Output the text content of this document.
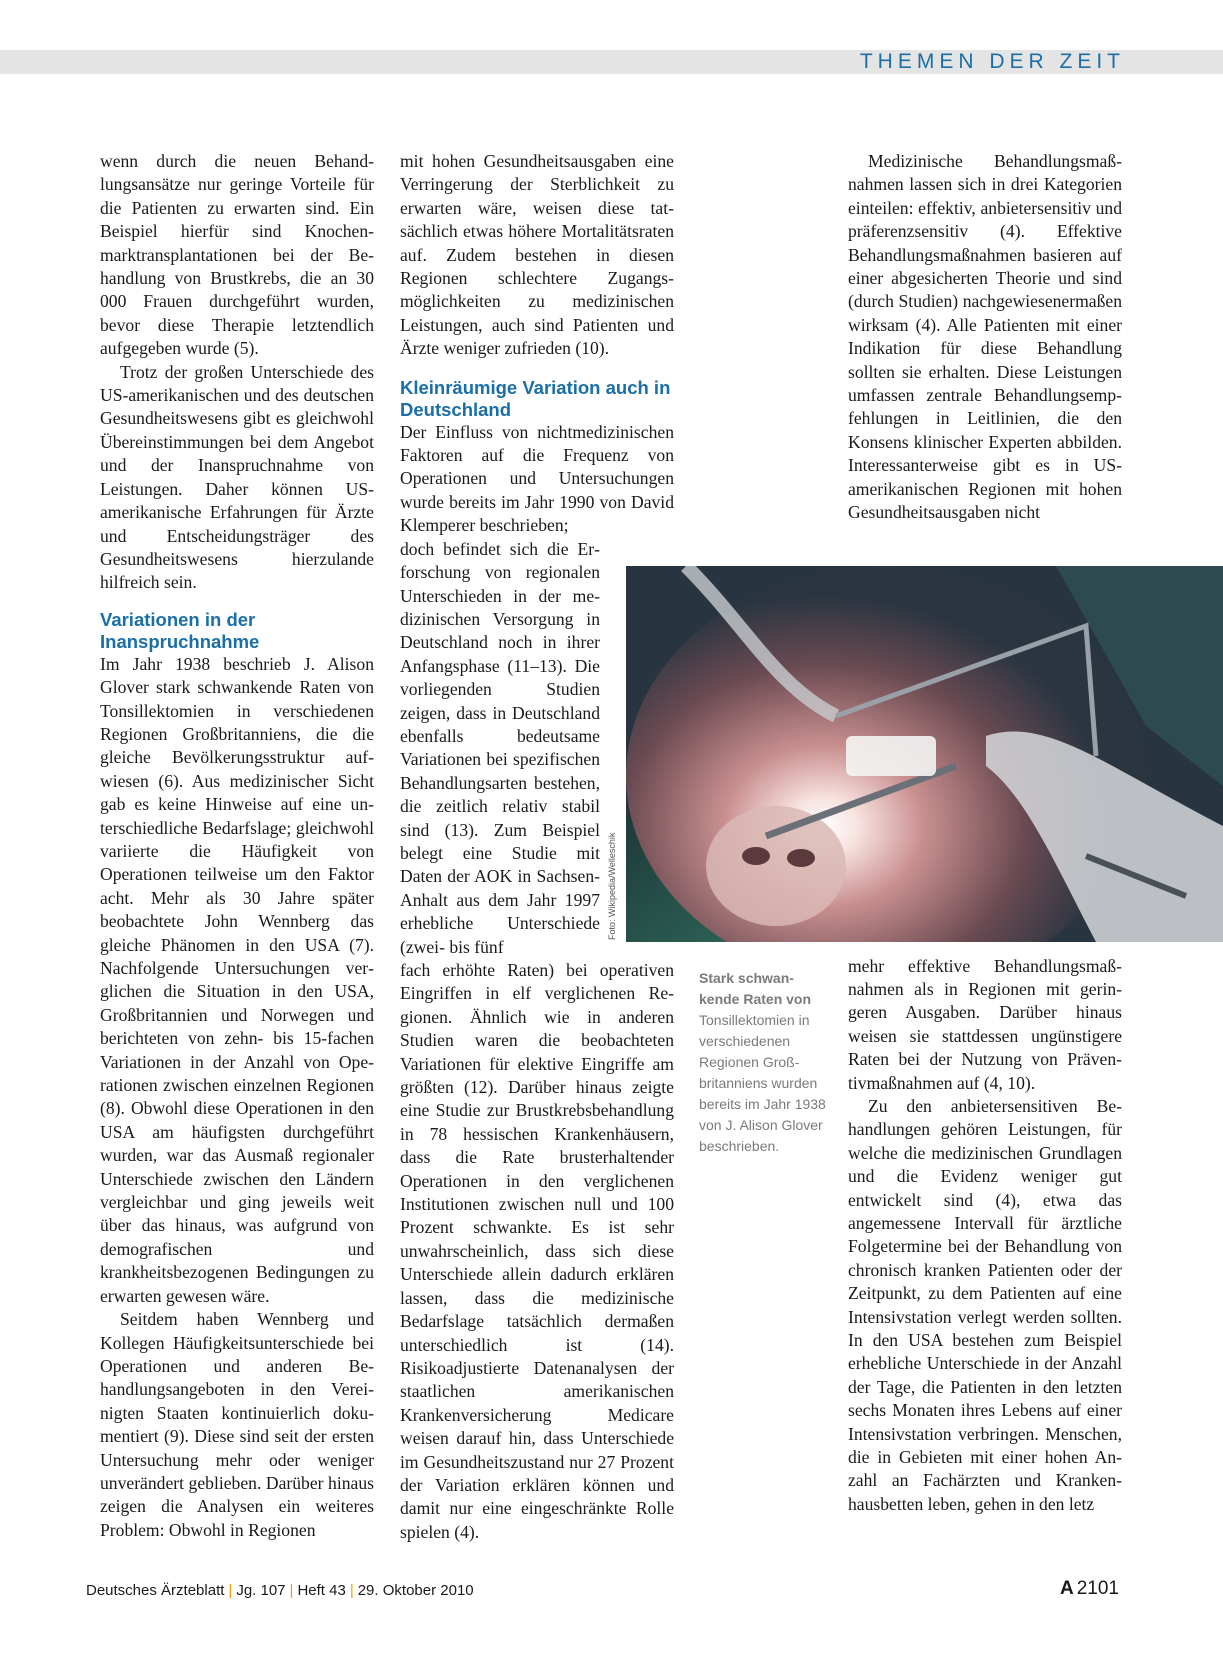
THEMEN DER ZEIT

wenn durch die neuen Behandlungsansätze nur geringe Vorteile für die Patienten zu erwarten sind. Ein Beispiel hierfür sind Knochenmarktransplantationen bei der Behandlung von Brustkrebs, die an 30 000 Frauen durchgeführt wurden, bevor diese Therapie letztendlich aufgegeben wurde (5).

Trotz der großen Unterschiede des US-amerikanischen und des deutschen Gesundheitswesens gibt es gleichwohl Übereinstimmungen bei dem Angebot und der Inanspruchnahme von Leistungen. Daher können US-amerikanische Erfahrungen für Ärzte und Entscheidungsträger des Gesundheitswesens hierzulande hilfreich sein.

Variationen in der Inanspruchnahme

Im Jahr 1938 beschrieb J. Alison Glover stark schwankende Raten von Tonsillektomien in verschiedenen Regionen Großbritanniens, die die gleiche Bevölkerungsstruktur aufwiesen (6). Aus medizinischer Sicht gab es keine Hinweise auf eine unterschiedliche Bedarfslage; gleichwohl variierte die Häufigkeit von Operationen teilweise um den Faktor acht. Mehr als 30 Jahre später beobachtete John Wennberg das gleiche Phänomen in den USA (7). Nachfolgende Untersuchungen verglichen die Situation in den USA, Großbritannien und Norwegen und berichteten von zehn- bis 15-fachen Variationen in der Anzahl von Operationen zwischen einzelnen Regionen (8). Obwohl diese Operationen in den USA am häufigsten durchgeführt wurden, war das Ausmaß regionaler Unterschiede zwischen den Ländern vergleichbar und ging jeweils weit über das hinaus, was aufgrund von demografischen und krankheitsbezogenen Bedingungen zu erwarten gewesen wäre.

Seitdem haben Wennberg und Kollegen Häufigkeitsunterschiede bei Operationen und anderen Behandlungsangeboten in den Vereinigten Staaten kontinuierlich dokumentiert (9). Diese sind seit der ersten Untersuchung mehr oder weniger unverändert geblieben. Darüber hinaus zeigen die Analysen ein weiteres Problem: Obwohl in Regionen

mit hohen Gesundheitsausgaben eine Verringerung der Sterblichkeit zu erwarten wäre, weisen diese tatsächlich etwas höhere Mortalitätsraten auf. Zudem bestehen in diesen Regionen schlechtere Zugangsmöglichkeiten zu medizinischen Leistungen, auch sind Patienten und Ärzte weniger zufrieden (10).

Kleinräumige Variation auch in Deutschland

Der Einfluss von nichtmedizinischen Faktoren auf die Frequenz von Operationen und Untersuchungen wurde bereits im Jahr 1990 von David Klemperer beschrieben;

doch befindet sich die Erforschung von regionalen Unterschieden in der medizinischen Versorgung in Deutschland noch in ihrer Anfangsphase (11–13). Die vorliegenden Studien zeigen, dass in Deutschland ebenfalls bedeutsame Variationen bei spezifischen Behandlungsarten bestehen, die zeitlich relativ stabil sind (13). Zum Beispiel belegt eine Studie mit Daten der AOK in Sachsen-Anhalt aus dem Jahr 1997 erhebliche Unterschiede (zwei- bis fünf

fach erhöhte Raten) bei operativen Eingriffen in elf verglichenen Regionen. Ähnlich wie in anderen Studien waren die beobachteten Variationen für elektive Eingriffe am größten (12). Darüber hinaus zeigte eine Studie zur Brustkrebsbehandlung in 78 hessischen Krankenhäusern, dass die Rate brusterhaltender Operationen in den verglichenen Institutionen zwischen null und 100 Prozent schwankte. Es ist sehr unwahrscheinlich, dass sich diese Unterschiede allein dadurch erklären lassen, dass die medizinische Bedarfslage tatsächlich dermaßen unterschiedlich ist (14). Risikoadjustierte Datenanalysen der staatlichen amerikanischen Krankenversicherung Medicare weisen darauf hin, dass Unterschiede im Gesundheitszustand nur 27 Prozent der Variation erklären können und damit nur eine eingeschränkte Rolle spielen (4).

Medizinische Behandlungsmaßnahmen lassen sich in drei Kategorien einteilen: effektiv, anbietersensitiv und präferenzsensitiv (4). Effektive Behandlungsmaßnahmen basieren auf einer abgesicherten Theorie und sind (durch Studien) nachgewiesenermaßen wirksam (4). Alle Patienten mit einer Indikation für diese Behandlung sollten sie erhalten. Diese Leistungen umfassen zentrale Behandlungsempfehlungen in Leitlinien, die den Konsens klinischer Experten abbilden. Interessanterweise gibt es in US-amerikanischen Regionen mit hohen Gesundheitsausgaben nicht

mehr effektive Behandlungsmaßnahmen als in Regionen mit geringeren Ausgaben. Darüber hinaus weisen sie stattdessen ungünstigere Raten bei der Nutzung von Präventivmaßnahmen auf (4, 10).

Zu den anbietersensitiven Behandlungen gehören Leistungen, für welche die medizinischen Grundlagen und die Evidenz weniger gut entwickelt sind (4), etwa das angemessene Intervall für ärztliche Folgetermine bei der Behandlung von chronisch kranken Patienten oder der Zeitpunkt, zu dem Patienten auf eine Intensivstation verlegt werden sollten. In den USA bestehen zum Beispiel erhebliche Unterschiede in der Anzahl der Tage, die Patienten in den letzten sechs Monaten ihres Lebens auf einer Intensivstation verbringen. Menschen, die in Gebieten mit einer hohen Anzahl an Fachärzten und Krankenhausbetten leben, gehen in den letz

Foto: Wikipedia/Welleschik
Stark schwankende Raten von
Tonsillektomien in verschiedenen Regionen Großbritanniens wurden bereits im Jahr 1938 von J. Alison Glover beschrieben.
Deutsches Ärzteblatt | Jg. 107 | Heft 43 | 29. Oktober 2010	A 2101
